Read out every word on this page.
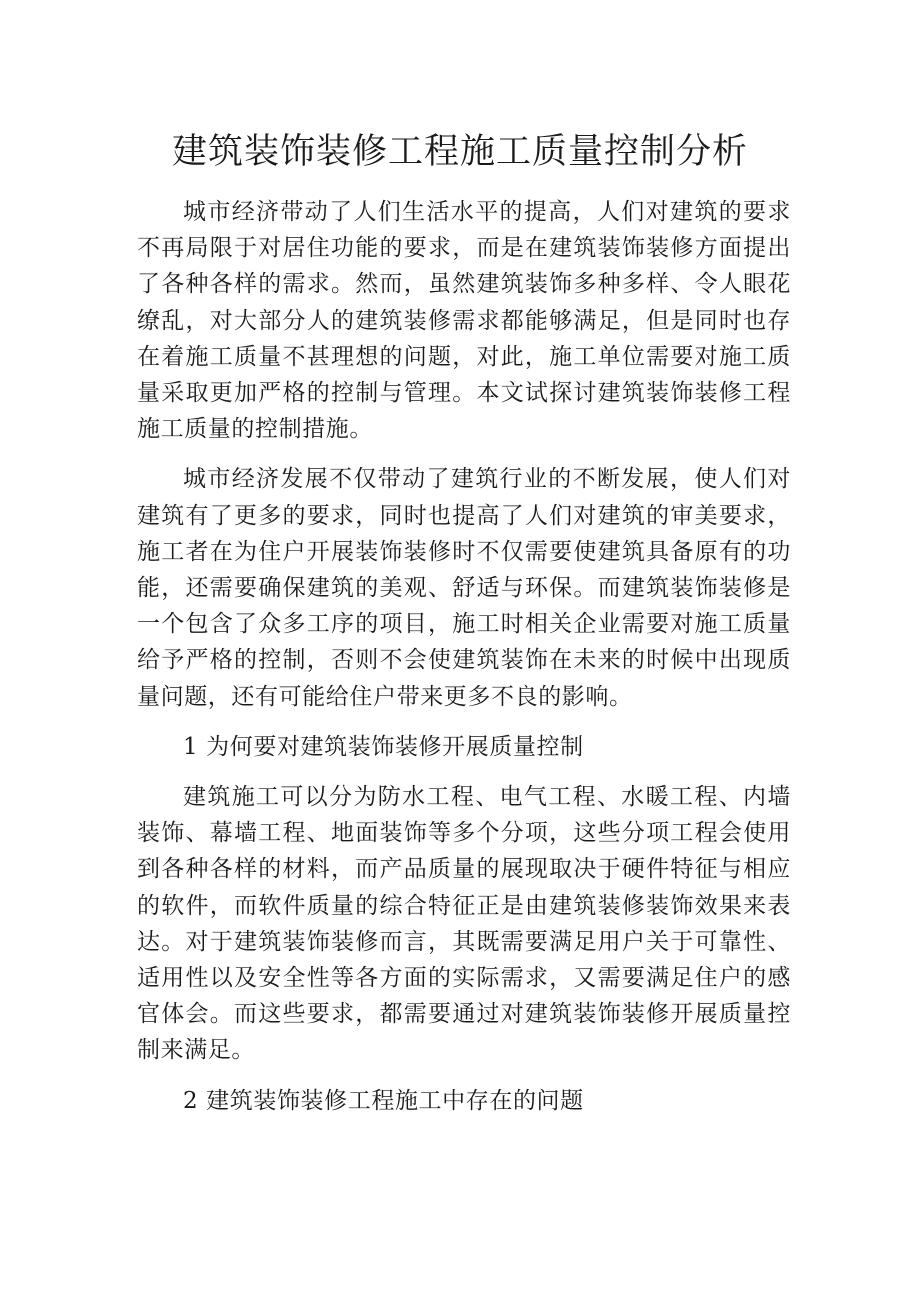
建筑装饰装修工程施工质量控制分析

城市经济带动了人们生活水平的提高，人们对建筑的要求不再局限于对居住功能的要求，而是在建筑装饰装修方面提出了各种各样的需求。然而，虽然建筑装饰多种多样、令人眼花缭乱，对大部分人的建筑装修需求都能够满足，但是同时也存在着施工质量不甚理想的问题，对此，施工单位需要对施工质量采取更加严格的控制与管理。本文试探讨建筑装饰装修工程施工质量的控制措施。

城市经济发展不仅带动了建筑行业的不断发展，使人们对建筑有了更多的要求，同时也提高了人们对建筑的审美要求，施工者在为住户开展装饰装修时不仅需要使建筑具备原有的功能，还需要确保建筑的美观、舒适与环保。而建筑装饰装修是一个包含了众多工序的项目，施工时相关企业需要对施工质量给予严格的控制，否则不会使建筑装饰在未来的时候中出现质量问题，还有可能给住户带来更多不良的影响。

1 为何要对建筑装饰装修开展质量控制

建筑施工可以分为防水工程、电气工程、水暖工程、内墙装饰、幕墙工程、地面装饰等多个分项，这些分项工程会使用到各种各样的材料，而产品质量的展现取决于硬件特征与相应的软件，而软件质量的综合特征正是由建筑装修装饰效果来表达。对于建筑装饰装修而言，其既需要满足用户关于可靠性、适用性以及安全性等各方面的实际需求，又需要满足住户的感官体会。而这些要求，都需要通过对建筑装饰装修开展质量控制来满足。

2 建筑装饰装修工程施工中存在的问题
